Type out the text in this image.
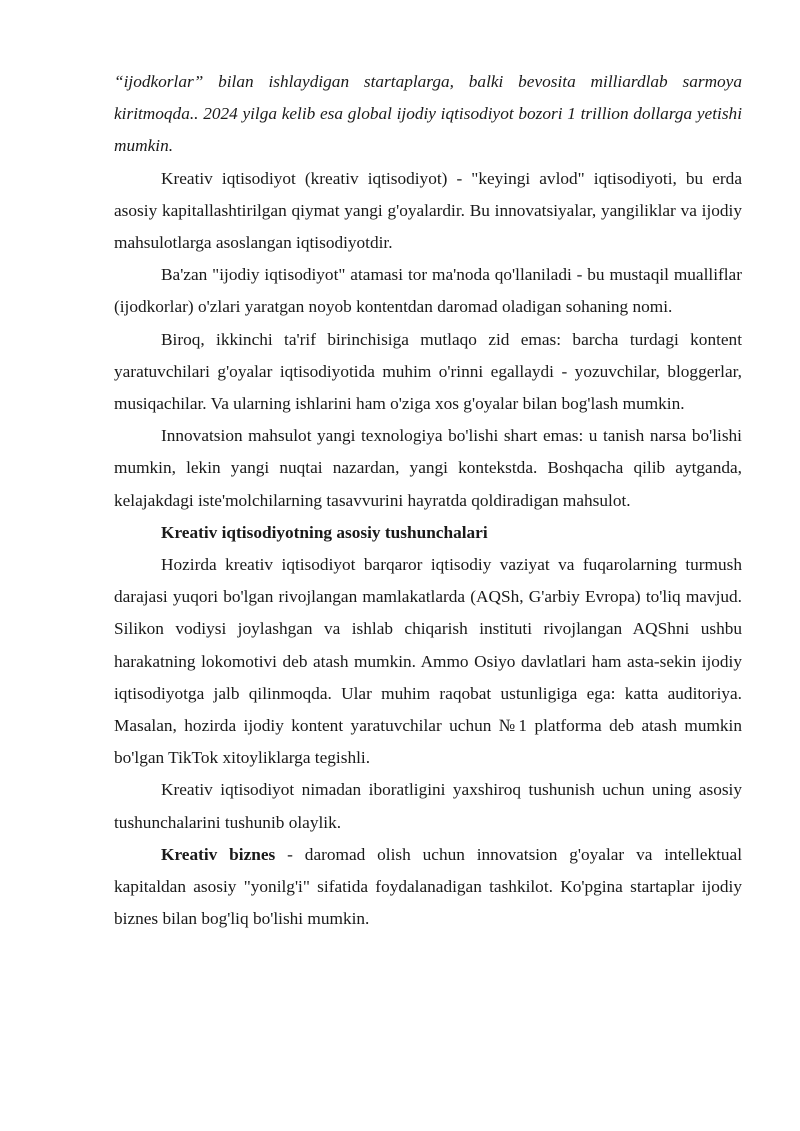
“ijodkorlar” bilan ishlaydigan startaplarga, balki bevosita milliardlab sarmoya kiritmoqda.. 2024 yilga kelib esa global ijodiy iqtisodiyot bozori 1 trillion dollarga yetishi mumkin.

Kreativ iqtisodiyot (kreativ iqtisodiyot) - "keyingi avlod" iqtisodiyoti, bu erda asosiy kapitallashtirilgan qiymat yangi g'oyalardir. Bu innovatsiyalar, yangiliklar va ijodiy mahsulotlarga asoslangan iqtisodiyotdir.

Ba'zan "ijodiy iqtisodiyot" atamasi tor ma'noda qo'llaniladi - bu mustaqil mualliflar (ijodkorlar) o'zlari yaratgan noyob kontentdan daromad oladigan sohaning nomi.

Biroq, ikkinchi ta'rif birinchisiga mutlaqo zid emas: barcha turdagi kontent yaratuvchilari g'oyalar iqtisodiyotida muhim o'rinni egallaydi - yozuvchilar, bloggerlar, musiqachilar. Va ularning ishlarini ham o'ziga xos g'oyalar bilan bog'lash mumkin.

Innovatsion mahsulot yangi texnologiya bo'lishi shart emas: u tanish narsa bo'lishi mumkin, lekin yangi nuqtai nazardan, yangi kontekstda. Boshqacha qilib aytganda, kelajakdagi iste'molchilarning tasavvurini hayratda qoldiradigan mahsulot.

Kreativ iqtisodiyotning asosiy tushunchalari

Hozirda kreativ iqtisodiyot barqaror iqtisodiy vaziyat va fuqarolarning turmush darajasi yuqori bo'lgan rivojlangan mamlakatlarda (AQSh, G'arbiy Evropa) to'liq mavjud. Silikon vodiysi joylashgan va ishlab chiqarish instituti rivojlangan AQShni ushbu harakatning lokomotivi deb atash mumkin. Ammo Osiyo davlatlari ham asta-sekin ijodiy iqtisodiyotga jalb qilinmoqda. Ular muhim raqobat ustunligiga ega: katta auditoriya. Masalan, hozirda ijodiy kontent yaratuvchilar uchun №1 platforma deb atash mumkin bo'lgan TikTok xitoyliklarga tegishli.

Kreativ iqtisodiyot nimadan iboratligini yaxshiroq tushunish uchun uning asosiy tushunchalarini tushunib olaylik.

Kreativ biznes - daromad olish uchun innovatsion g'oyalar va intellektual kapitaldan asosiy "yonilg'i" sifatida foydalanadigan tashkilot. Ko'pgina startaplar ijodiy biznes bilan bog'liq bo'lishi mumkin.
